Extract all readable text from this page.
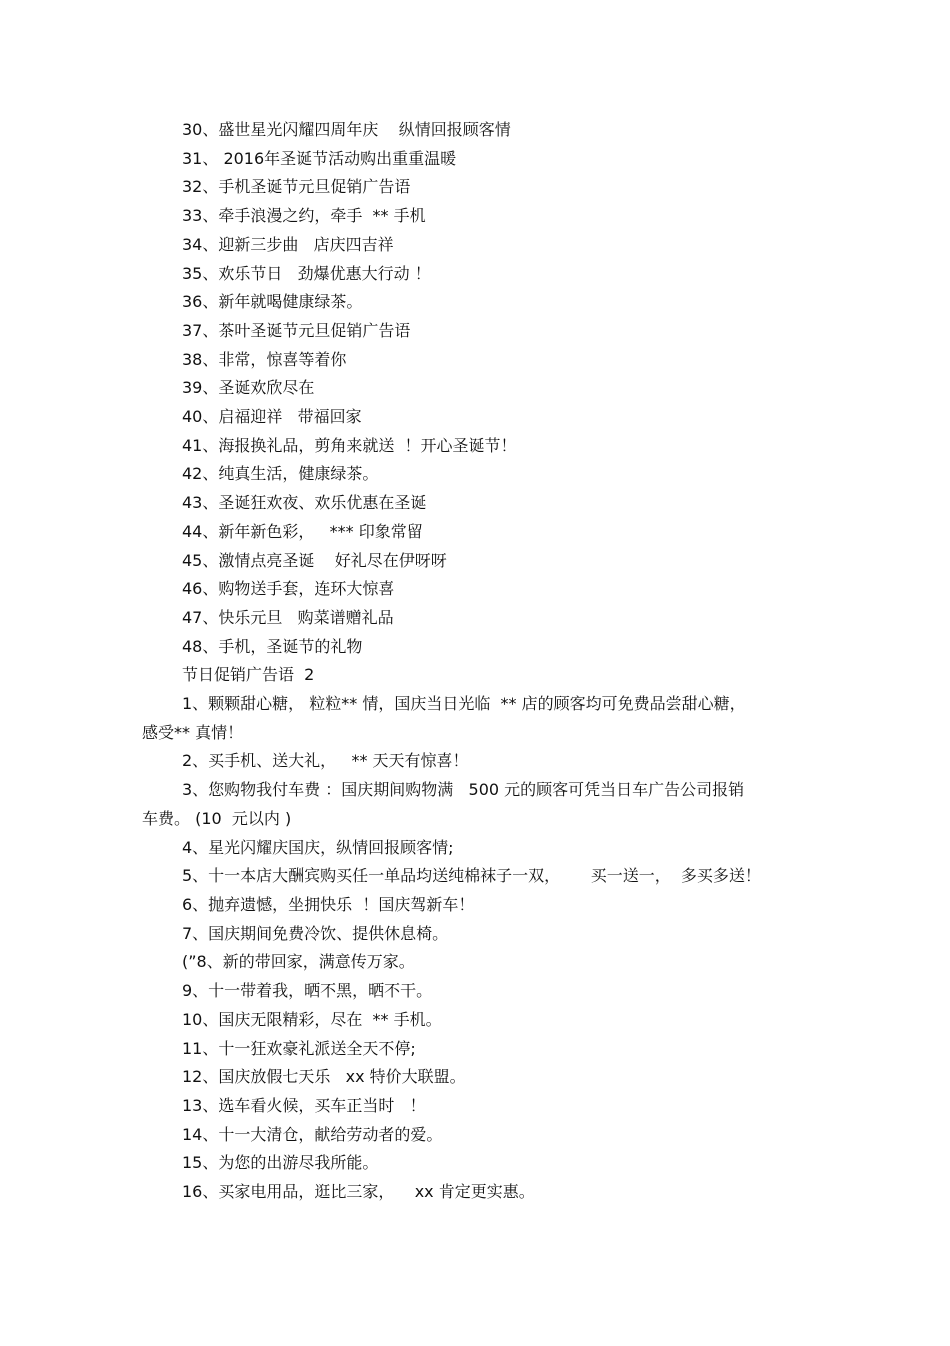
30、盛世星光闪耀四周年庆    纵情回报顾客情

31、 2016年圣诞节活动购出重重温暖

32、手机圣诞节元旦促销广告语

33、牵手浪漫之约，牵手  ** 手机

34、迎新三步曲   店庆四吉祥

35、欢乐节日   劲爆优惠大行动 ！

36、新年就喝健康绿茶。

37、茶叶圣诞节元旦促销广告语

38、非常，惊喜等着你

39、圣诞欢欣尽在

40、启福迎祥   带福回家

41、海报换礼品，剪角来就送  ！开心圣诞节！

42、纯真生活，健康绿茶。

43、圣诞狂欢夜、欢乐优惠在圣诞

44、新年新色彩，   *** 印象常留

45、激情点亮圣诞    好礼尽在伊呀呀

46、购物送手套，连环大惊喜

47、快乐元旦   购菜谱赠礼品

48、手机，圣诞节的礼物

节日促销广告语  2

1、颗颗甜心糖， 粒粒** 情，国庆当日光临  ** 店的顾客均可免费品尝甜心糖，
感受** 真情！

2、买手机、送大礼，   ** 天天有惊喜！

3、您购物我付车费 ：国庆期间购物满   500 元的顾客可凭当日车广告公司报销
车费。 (10  元以内 )

4、星光闪耀庆国庆，纵情回报顾客情;

5、十一本店大酬宾购买任一单品均送纯棉袜子一双，      买一送一，  多买多送！

6、抛弃遗憾，坐拥快乐  ！国庆驾新车！

7、国庆期间免费冷饮、提供休息椅。

(”8、新的带回家，满意传万家。

9、十一带着我，晒不黑，晒不干。

10、国庆无限精彩，尽在  ** 手机。

11、十一狂欢豪礼派送全天不停;

12、国庆放假七天乐   xx 特价大联盟。

13、选车看火候，买车正当时   ！

14、十一大清仓，献给劳动者的爱。

15、为您的出游尽我所能。

16、买家电用品，逛比三家，    xx 肯定更实惠。
